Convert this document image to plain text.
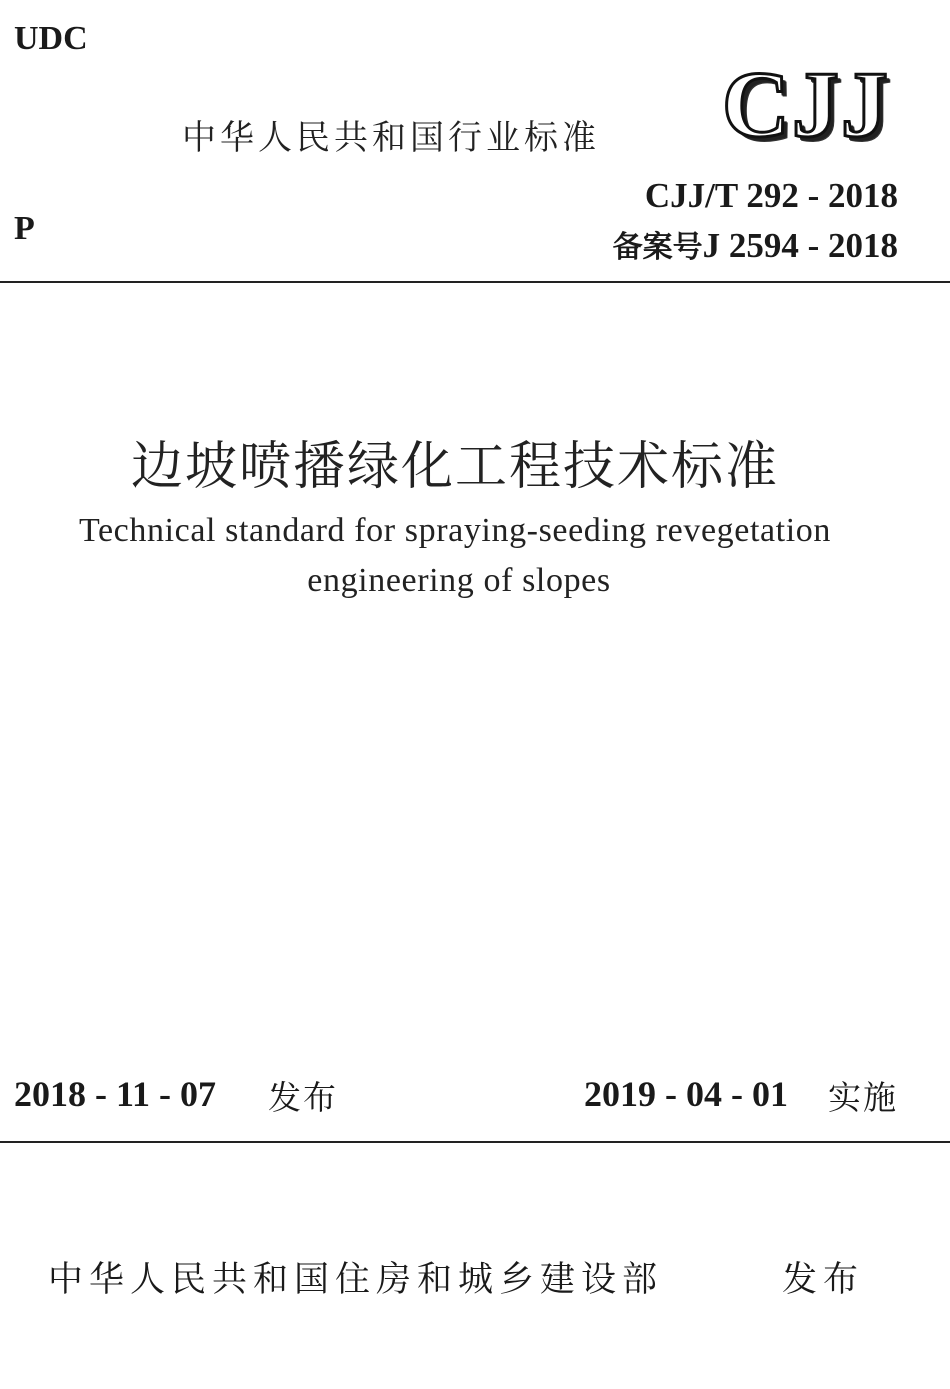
UDC
P
中华人民共和国行业标准 CJJ
CJJ/T 292 - 2018
备案号J 2594 - 2018
边坡喷播绿化工程技术标准
Technical standard for spraying-seeding revegetation
engineering of slopes
2018 - 11 - 07 发布	2019 - 04 - 01 实施
中华人民共和国住房和城乡建设部	发布
